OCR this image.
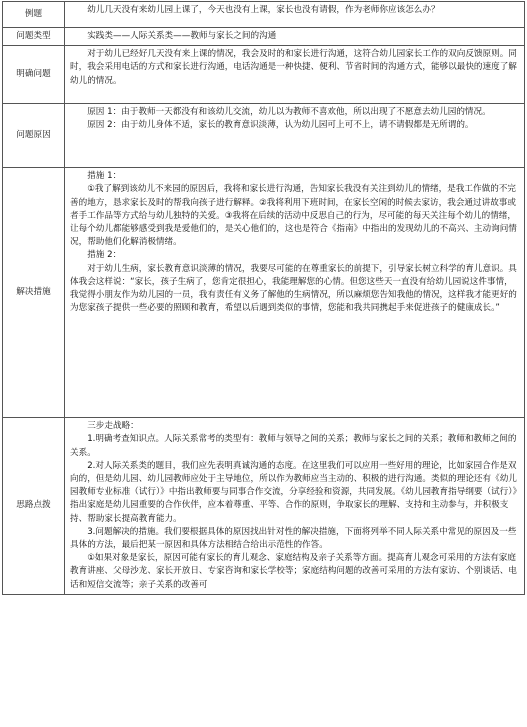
例题	幼儿几天没有来幼儿园上课了，今天也没有上课，家长也没有请假，作为老师你应该怎么办？

问题类型	实践类——人际关系类——教师与家长之间的沟通

明确问题	对于幼儿已经好几天没有来上课的情况，我会及时的和家长进行沟通，这符合幼儿园家长工作的双向反馈原则。同时，我会采用电话的方式和家长进行沟通，电话沟通是一种快捷、便利、节省时间的沟通方式，能够以最快的速度了解幼儿的情况。

问题原因	原因 1：由于教师一天都没有和该幼儿交流，幼儿以为教师不喜欢他，所以出现了不愿意去幼儿园的情况。

原因 2：由于幼儿身体不适，家长的教育意识淡薄，认为幼儿园可上可不上，请不请假都是无所谓的。

解决措施	措施 1：

①我了解到该幼儿不来园的原因后，我将和家长进行沟通，告知家长我没有关注到幼儿的情绪，是我工作做的不完善的地方，恳求家长及时的帮我向孩子进行解释。②我将利用下班时间，在家长空闲的时候去家访，我会通过讲故事或者手工作品等方式给与幼儿独特的关爱。③我将在后续的活动中反思自己的行为，尽可能的每天关注每个幼儿的情绪，让每个幼儿都能够感受到我是爱他们的，是关心他们的，这也是符合《指南》中指出的发现幼儿的不高兴、主动询问情况，帮助他们化解消极情绪。

措施 2：

对于幼儿生病，家长教育意识淡薄的情况，我要尽可能的在尊重家长的前提下，引导家长树立科学的育儿意识。具体我会这样说：“家长，孩子生病了，您肯定很担心，我能理解您的心情。但您这些天一直没有给幼儿园说这件事情，我觉得小朋友作为幼儿园的一员，我有责任有义务了解他的生病情况，所以麻烦您告知我他的情况，这样我才能更好的为您家孩子提供一些必要的照顾和教育，希望以后遇到类似的事情，您能和我共同携起手来促进孩子的健康成长。”

思路点拨	三步走战略：

1.明确考查知识点。人际关系常考的类型有：教师与领导之间的关系；教师与家长之间的关系；教师和教师之间的关系。

2.对人际关系类的题目，我们应先表明真诚沟通的态度。在这里我们可以应用一些好用的理论，比如家园合作是双向的，但是幼儿园、幼儿园教师应处于主导地位，所以作为教师应当主动的、积极的进行沟通。类似的理论还有《幼儿园教师专业标准（试行）》中指出教师要与同事合作交流，分享经验和资源，共同发展。《幼儿园教育指导纲要（试行）》指出家庭是幼儿园重要的合作伙伴，应本着尊重、平等、合作的原则，争取家长的理解、支持和主动参与，并积极支持、帮助家长提高教育能力。

3.问题解决的措施。我们要根据具体的原因找出针对性的解决措施，下面将列举不同人际关系中常见的原因及一些具体的方法，最后把某一原因和具体方法相结合给出示范性的作答。

①如果对象是家长，原因可能有家长的育儿观念、家庭结构及亲子关系等方面。提高育儿观念可采用的方法有家庭教育讲座、父母沙龙、家长开放日、专家咨询和家长学校等；家庭结构问题的改善可采用的方法有家访、个别谈话、电话和短信交流等；亲子关系的改善可
